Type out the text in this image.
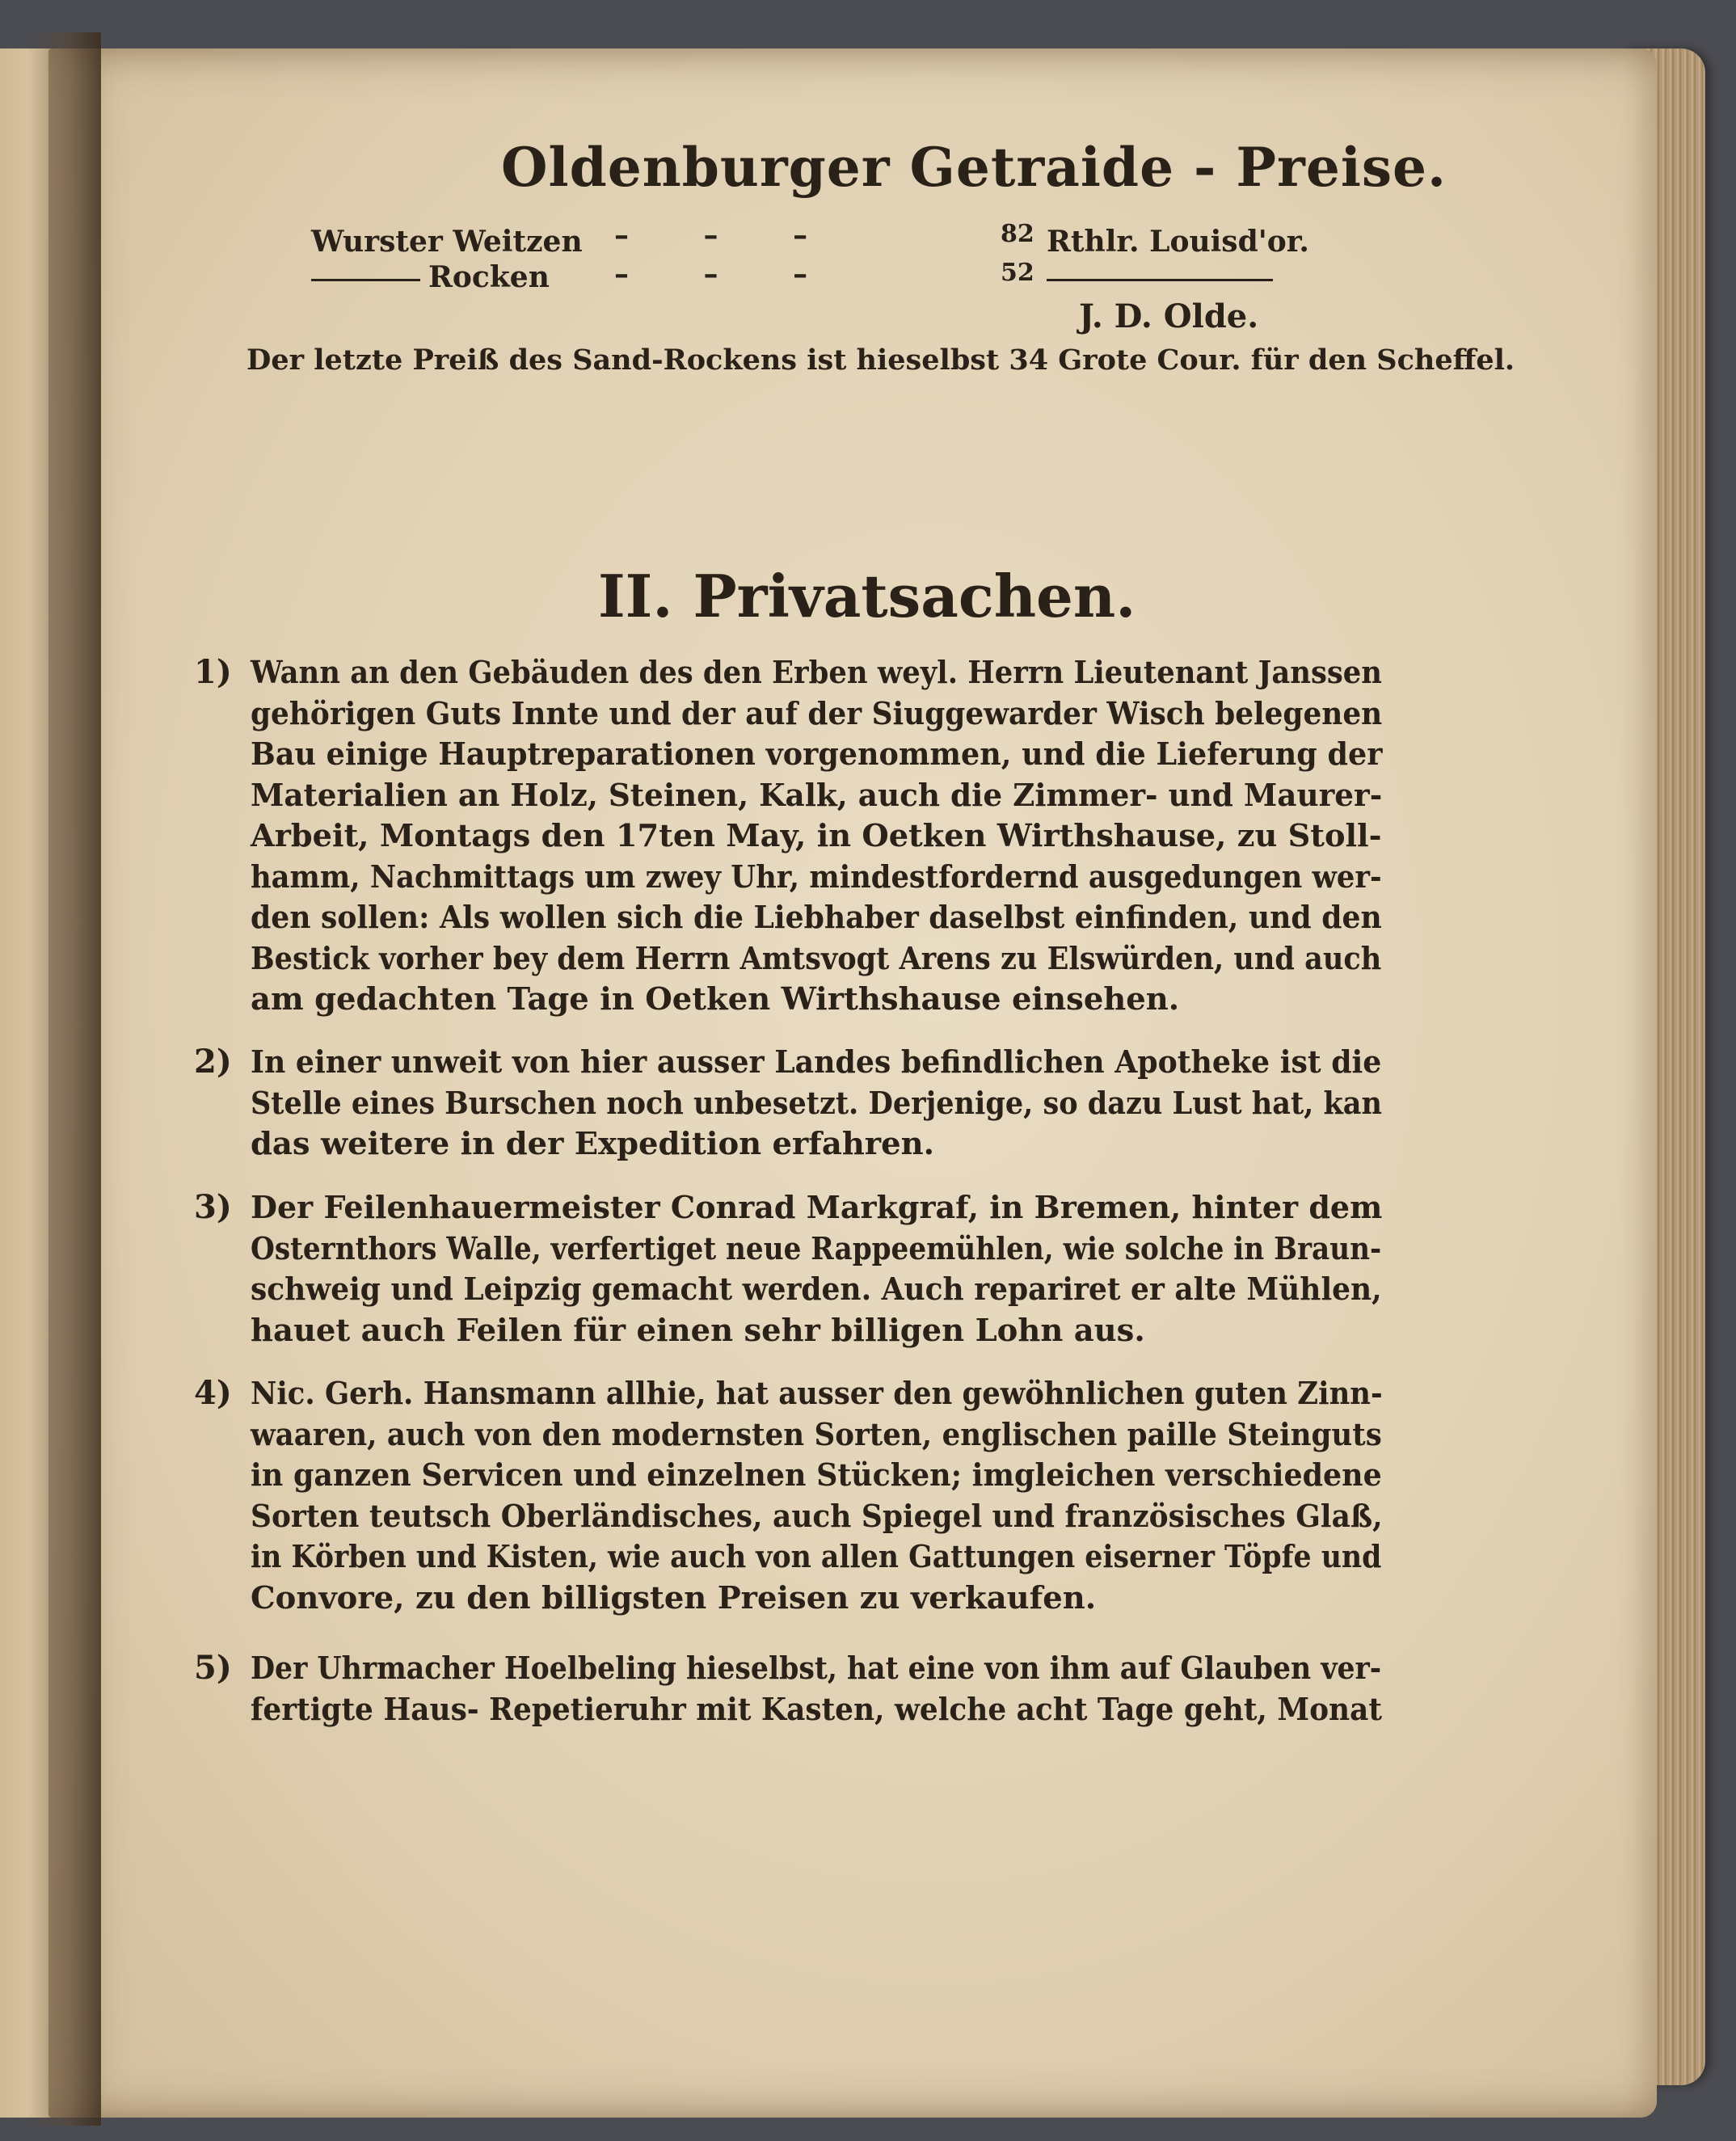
Oldenburger Getraide - Preise.
Wurster Weitzen – – –	82 Rthlr. Louisd'or.
Rocken – – –	52
J. D. Olde.
Der letzte Preiß des Sand-Rockens ist hieselbst 34 Grote Cour. für den Scheffel.
II. Privatsachen.
1) Wann an den Gebäuden des den Erben weyl. Herrn Lieutenant Janssen
gehörigen Guts Innte und der auf der Siuggewarder Wisch belegenen
Bau einige Hauptreparationen vorgenommen, und die Lieferung der
Materialien an Holz, Steinen, Kalk, auch die Zimmer- und Maurer-
Arbeit, Montags den 17ten May, in Oetken Wirthshause, zu Stoll-
hamm, Nachmittags um zwey Uhr, mindestfordernd ausgedungen wer-
den sollen: Als wollen sich die Liebhaber daselbst einfinden, und den
Bestick vorher bey dem Herrn Amtsvogt Arens zu Elswürden, und auch
am gedachten Tage in Oetken Wirthshause einsehen.
2) In einer unweit von hier ausser Landes befindlichen Apotheke ist die
Stelle eines Burschen noch unbesetzt. Derjenige, so dazu Lust hat, kan
das weitere in der Expedition erfahren.
3) Der Feilenhauermeister Conrad Markgraf, in Bremen, hinter dem
Osternthors Walle, verfertiget neue Rappeemühlen, wie solche in Braun-
schweig und Leipzig gemacht werden. Auch repariret er alte Mühlen,
hauet auch Feilen für einen sehr billigen Lohn aus.
4) Nic. Gerh. Hansmann allhie, hat ausser den gewöhnlichen guten Zinn-
waaren, auch von den modernsten Sorten, englischen paille Steinguts
in ganzen Servicen und einzelnen Stücken; imgleichen verschiedene
Sorten teutsch Oberländisches, auch Spiegel und französisches Glaß,
in Körben und Kisten, wie auch von allen Gattungen eiserner Töpfe und
Convore, zu den billigsten Preisen zu verkaufen.
5) Der Uhrmacher Hoelbeling hieselbst, hat eine von ihm auf Glauben ver-
fertigte Haus- Repetieruhr mit Kasten, welche acht Tage geht, Monat
